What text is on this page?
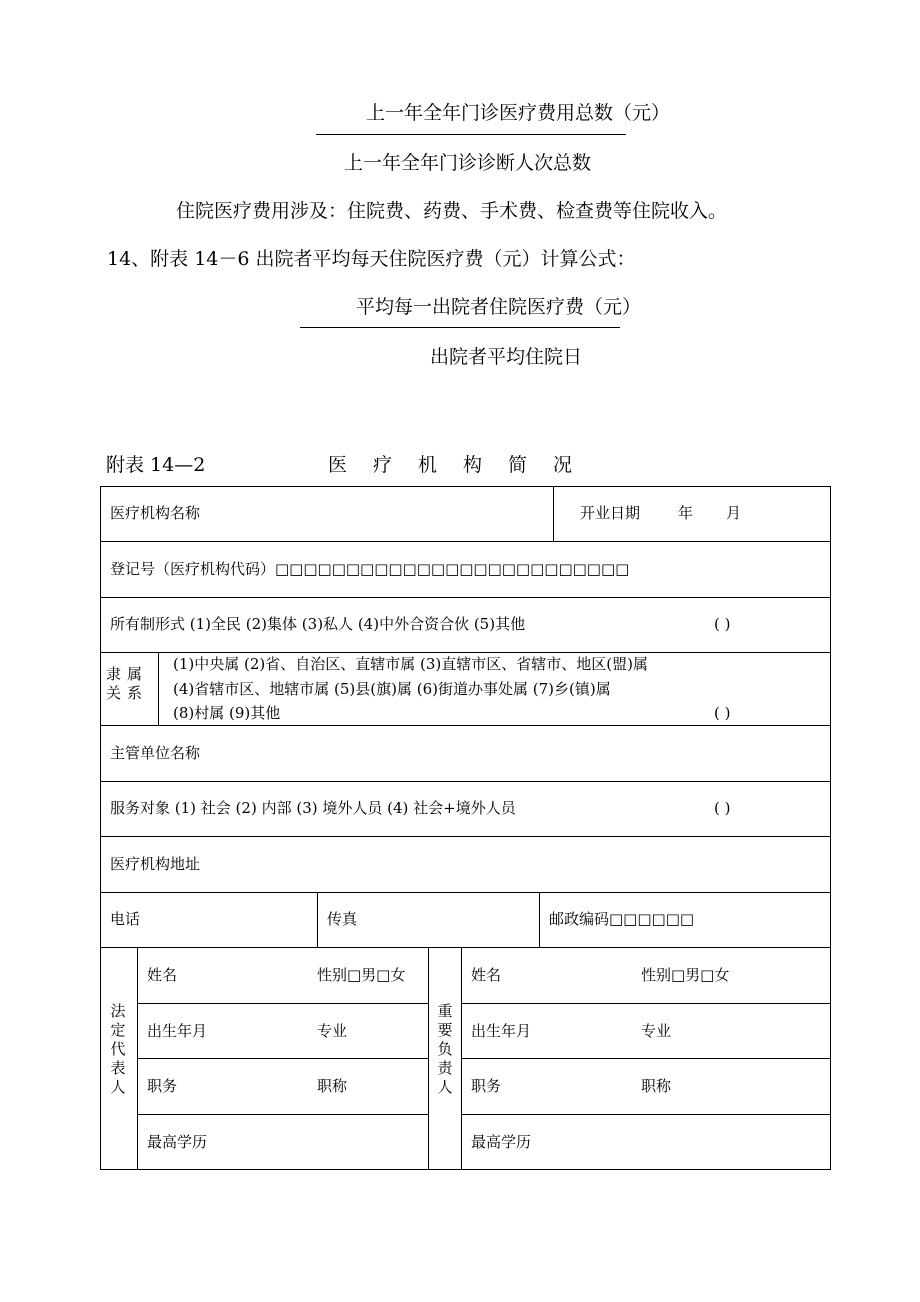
上一年全年门诊医疗费用总数（元）
上一年全年门诊诊断人次总数
住院医疗费用涉及：住院费、药费、手术费、检查费等住院收入。
14、附表 14－6 出院者平均每天住院医疗费（元）计算公式：
平均每一出院者住院医疗费（元）
出院者平均住院日
附表 14—2	医疗机构简况
医疗机构名称	开业日期	年 月
登记号（医疗机构代码）□□□□□□□□□□□□□□□□□□□□□□□□□
所有制形式 (1)全民 (2)集体 (3)私人 (4)中外合资合伙 (5)其他	( )
隶属关系
(1)中央属 (2)省、自治区、直辖市属 (3)直辖市区、省辖市、地区(盟)属
(4)省辖市区、地辖市属 (5)县(旗)属 (6)街道办事处属 (7)乡(镇)属
(8)村属 (9)其他	( )
主管单位名称
服务对象 (1) 社会 (2) 内部 (3) 境外人员 (4) 社会+境外人员	( )
医疗机构地址
电话	传真	邮政编码□□□□□□
法定代表人
姓名	性别□男□女
出生年月	专业
职务	职称
最高学历
重要负责人
姓名	性别□男□女
出生年月	专业
职务	职称
最高学历
